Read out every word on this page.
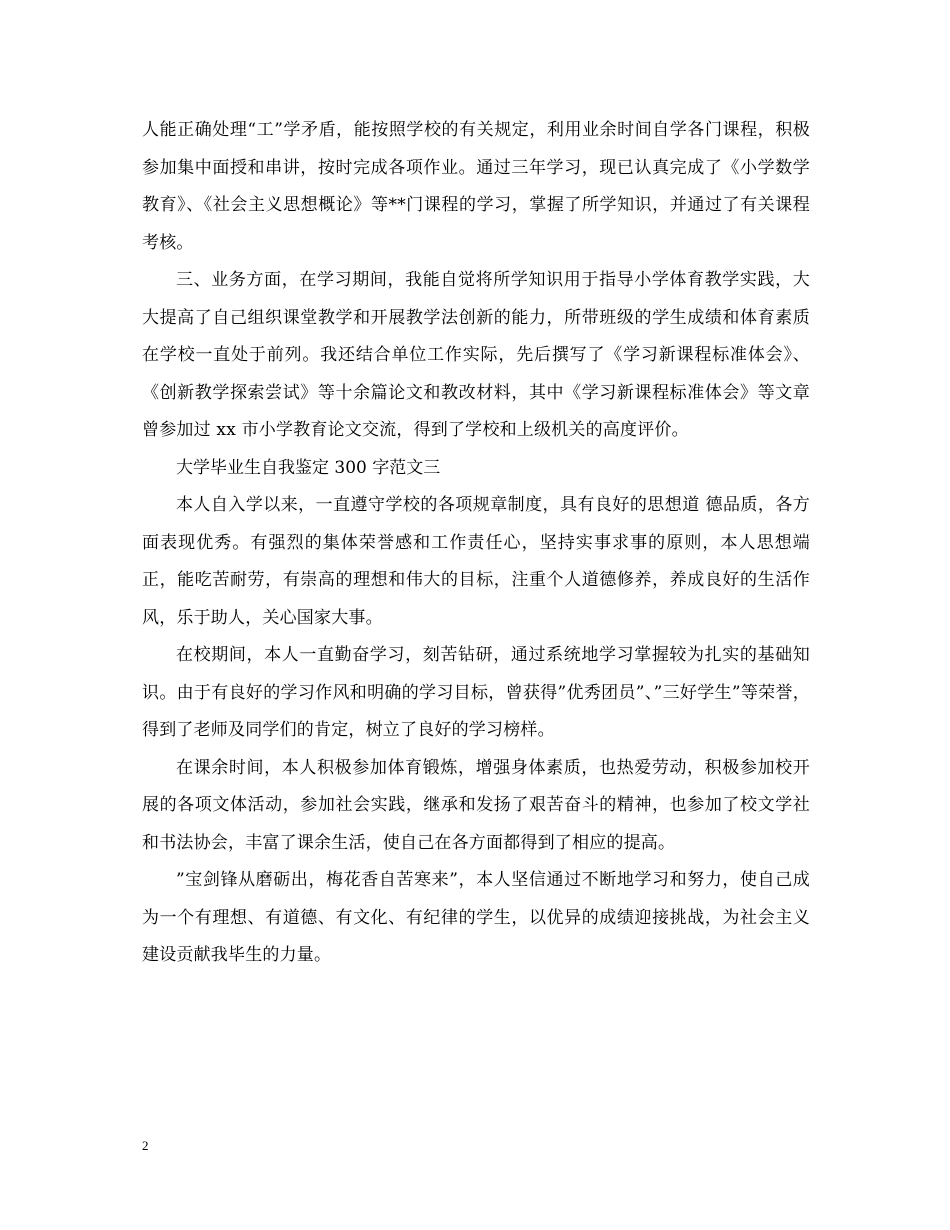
人能正确处理“工”学矛盾，能按照学校的有关规定，利用业余时间自学各门课程，积极参加集中面授和串讲，按时完成各项作业。通过三年学习，现已认真完成了《小学数学教育》、《社会主义思想概论》等**门课程的学习，掌握了所学知识，并通过了有关课程考核。

三、业务方面，在学习期间，我能自觉将所学知识用于指导小学体育教学实践，大大提高了自己组织课堂教学和开展教学法创新的能力，所带班级的学生成绩和体育素质在学校一直处于前列。我还结合单位工作实际，先后撰写了《学习新课程标准体会》、《创新教学探索尝试》等十余篇论文和教改材料，其中《学习新课程标准体会》等文章曾参加过 xx 市小学教育论文交流，得到了学校和上级机关的高度评价。

大学毕业生自我鉴定 300 字范文三

本人自入学以来，一直遵守学校的各项规章制度，具有良好的思想道 德品质，各方面表现优秀。有强烈的集体荣誉感和工作责任心，坚持实事求事的原则，本人思想端正，能吃苦耐劳，有崇高的理想和伟大的目标，注重个人道德修养，养成良好的生活作风，乐于助人，关心国家大事。

在校期间，本人一直勤奋学习，刻苦钻研，通过系统地学习掌握较为扎实的基础知识。由于有良好的学习作风和明确的学习目标，曾获得”优秀团员”、”三好学生”等荣誉，得到了老师及同学们的肯定，树立了良好的学习榜样。

在课余时间，本人积极参加体育锻炼，增强身体素质，也热爱劳动，积极参加校开展的各项文体活动，参加社会实践，继承和发扬了艰苦奋斗的精神，也参加了校文学社和书法协会，丰富了课余生活，使自己在各方面都得到了相应的提高。

”宝剑锋从磨砺出，梅花香自苦寒来”，本人坚信通过不断地学习和努力，使自己成为一个有理想、有道德、有文化、有纪律的学生，以优异的成绩迎接挑战，为社会主义建设贡献我毕生的力量。

2
